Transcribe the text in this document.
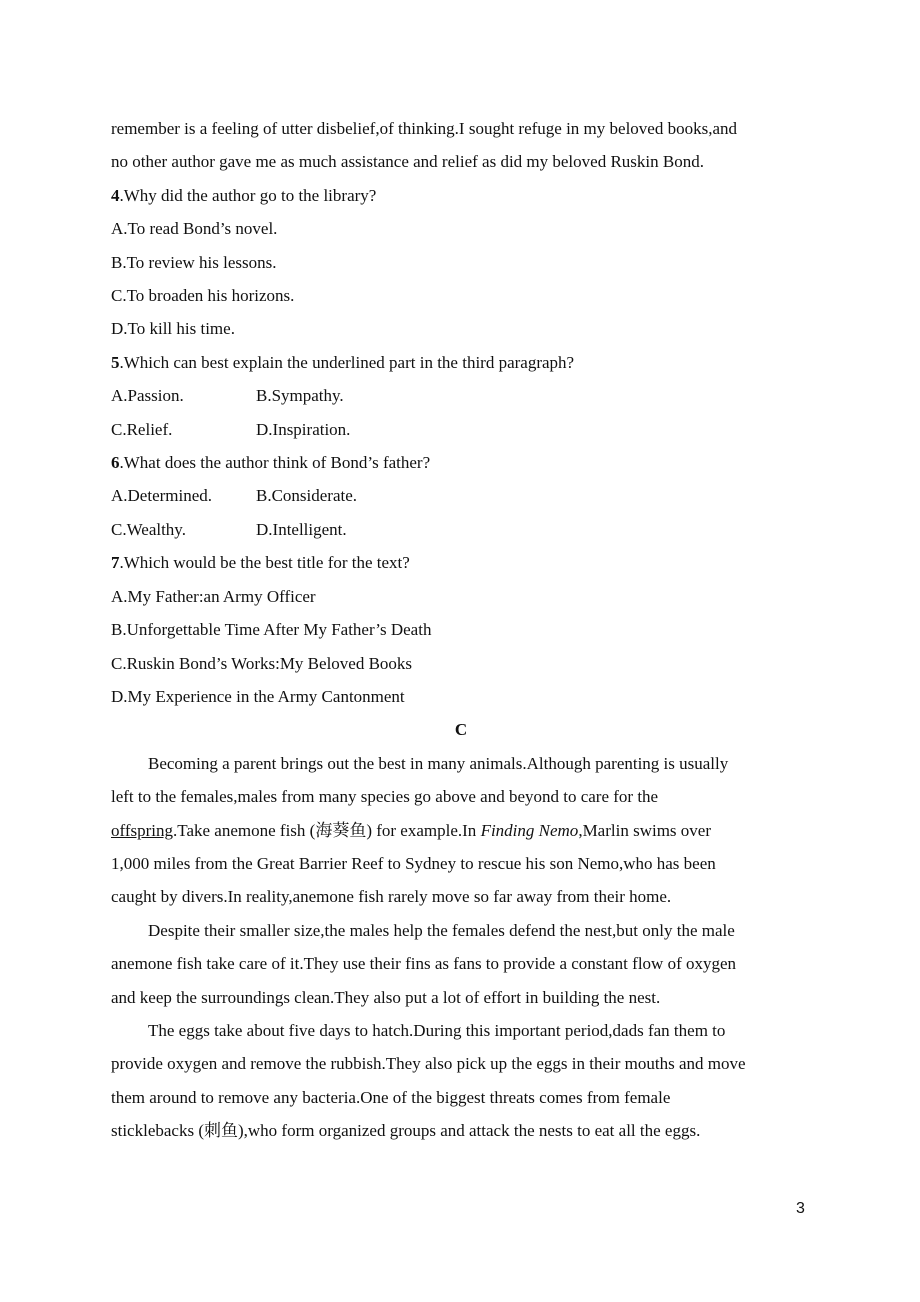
remember is a feeling of utter disbelief,of thinking.I sought refuge in my beloved books,and
no other author gave me as much assistance and relief as did my beloved Ruskin Bond.
4.Why did the author go to the library?
A.To read Bond’s novel.
B.To review his lessons.
C.To broaden his horizons.
D.To kill his time.
5.Which can best explain the underlined part in the third paragraph?
A.Passion.	B.Sympathy.
C.Relief.	D.Inspiration.
6.What does the author think of Bond’s father?
A.Determined.	B.Considerate.
C.Wealthy.	D.Intelligent.
7.Which would be the best title for the text?
A.My Father:an Army Officer
B.Unforgettable Time After My Father’s Death
C.Ruskin Bond’s Works:My Beloved Books
D.My Experience in the Army Cantonment
C
Becoming a parent brings out the best in many animals.Although parenting is usually
left to the females,males from many species go above and beyond to care for the
offspring.Take anemone fish (海葵鱼) for example.In Finding Nemo,Marlin swims over
1,000 miles from the Great Barrier Reef to Sydney to rescue his son Nemo,who has been
caught by divers.In reality,anemone fish rarely move so far away from their home.
Despite their smaller size,the males help the females defend the nest,but only the male
anemone fish take care of it.They use their fins as fans to provide a constant flow of oxygen
and keep the surroundings clean.They also put a lot of effort in building the nest.
The eggs take about five days to hatch.During this important period,dads fan them to
provide oxygen and remove the rubbish.They also pick up the eggs in their mouths and move
them around to remove any bacteria.One of the biggest threats comes from female
sticklebacks (刺鱼),who form organized groups and attack the nests to eat all the eggs.
3
